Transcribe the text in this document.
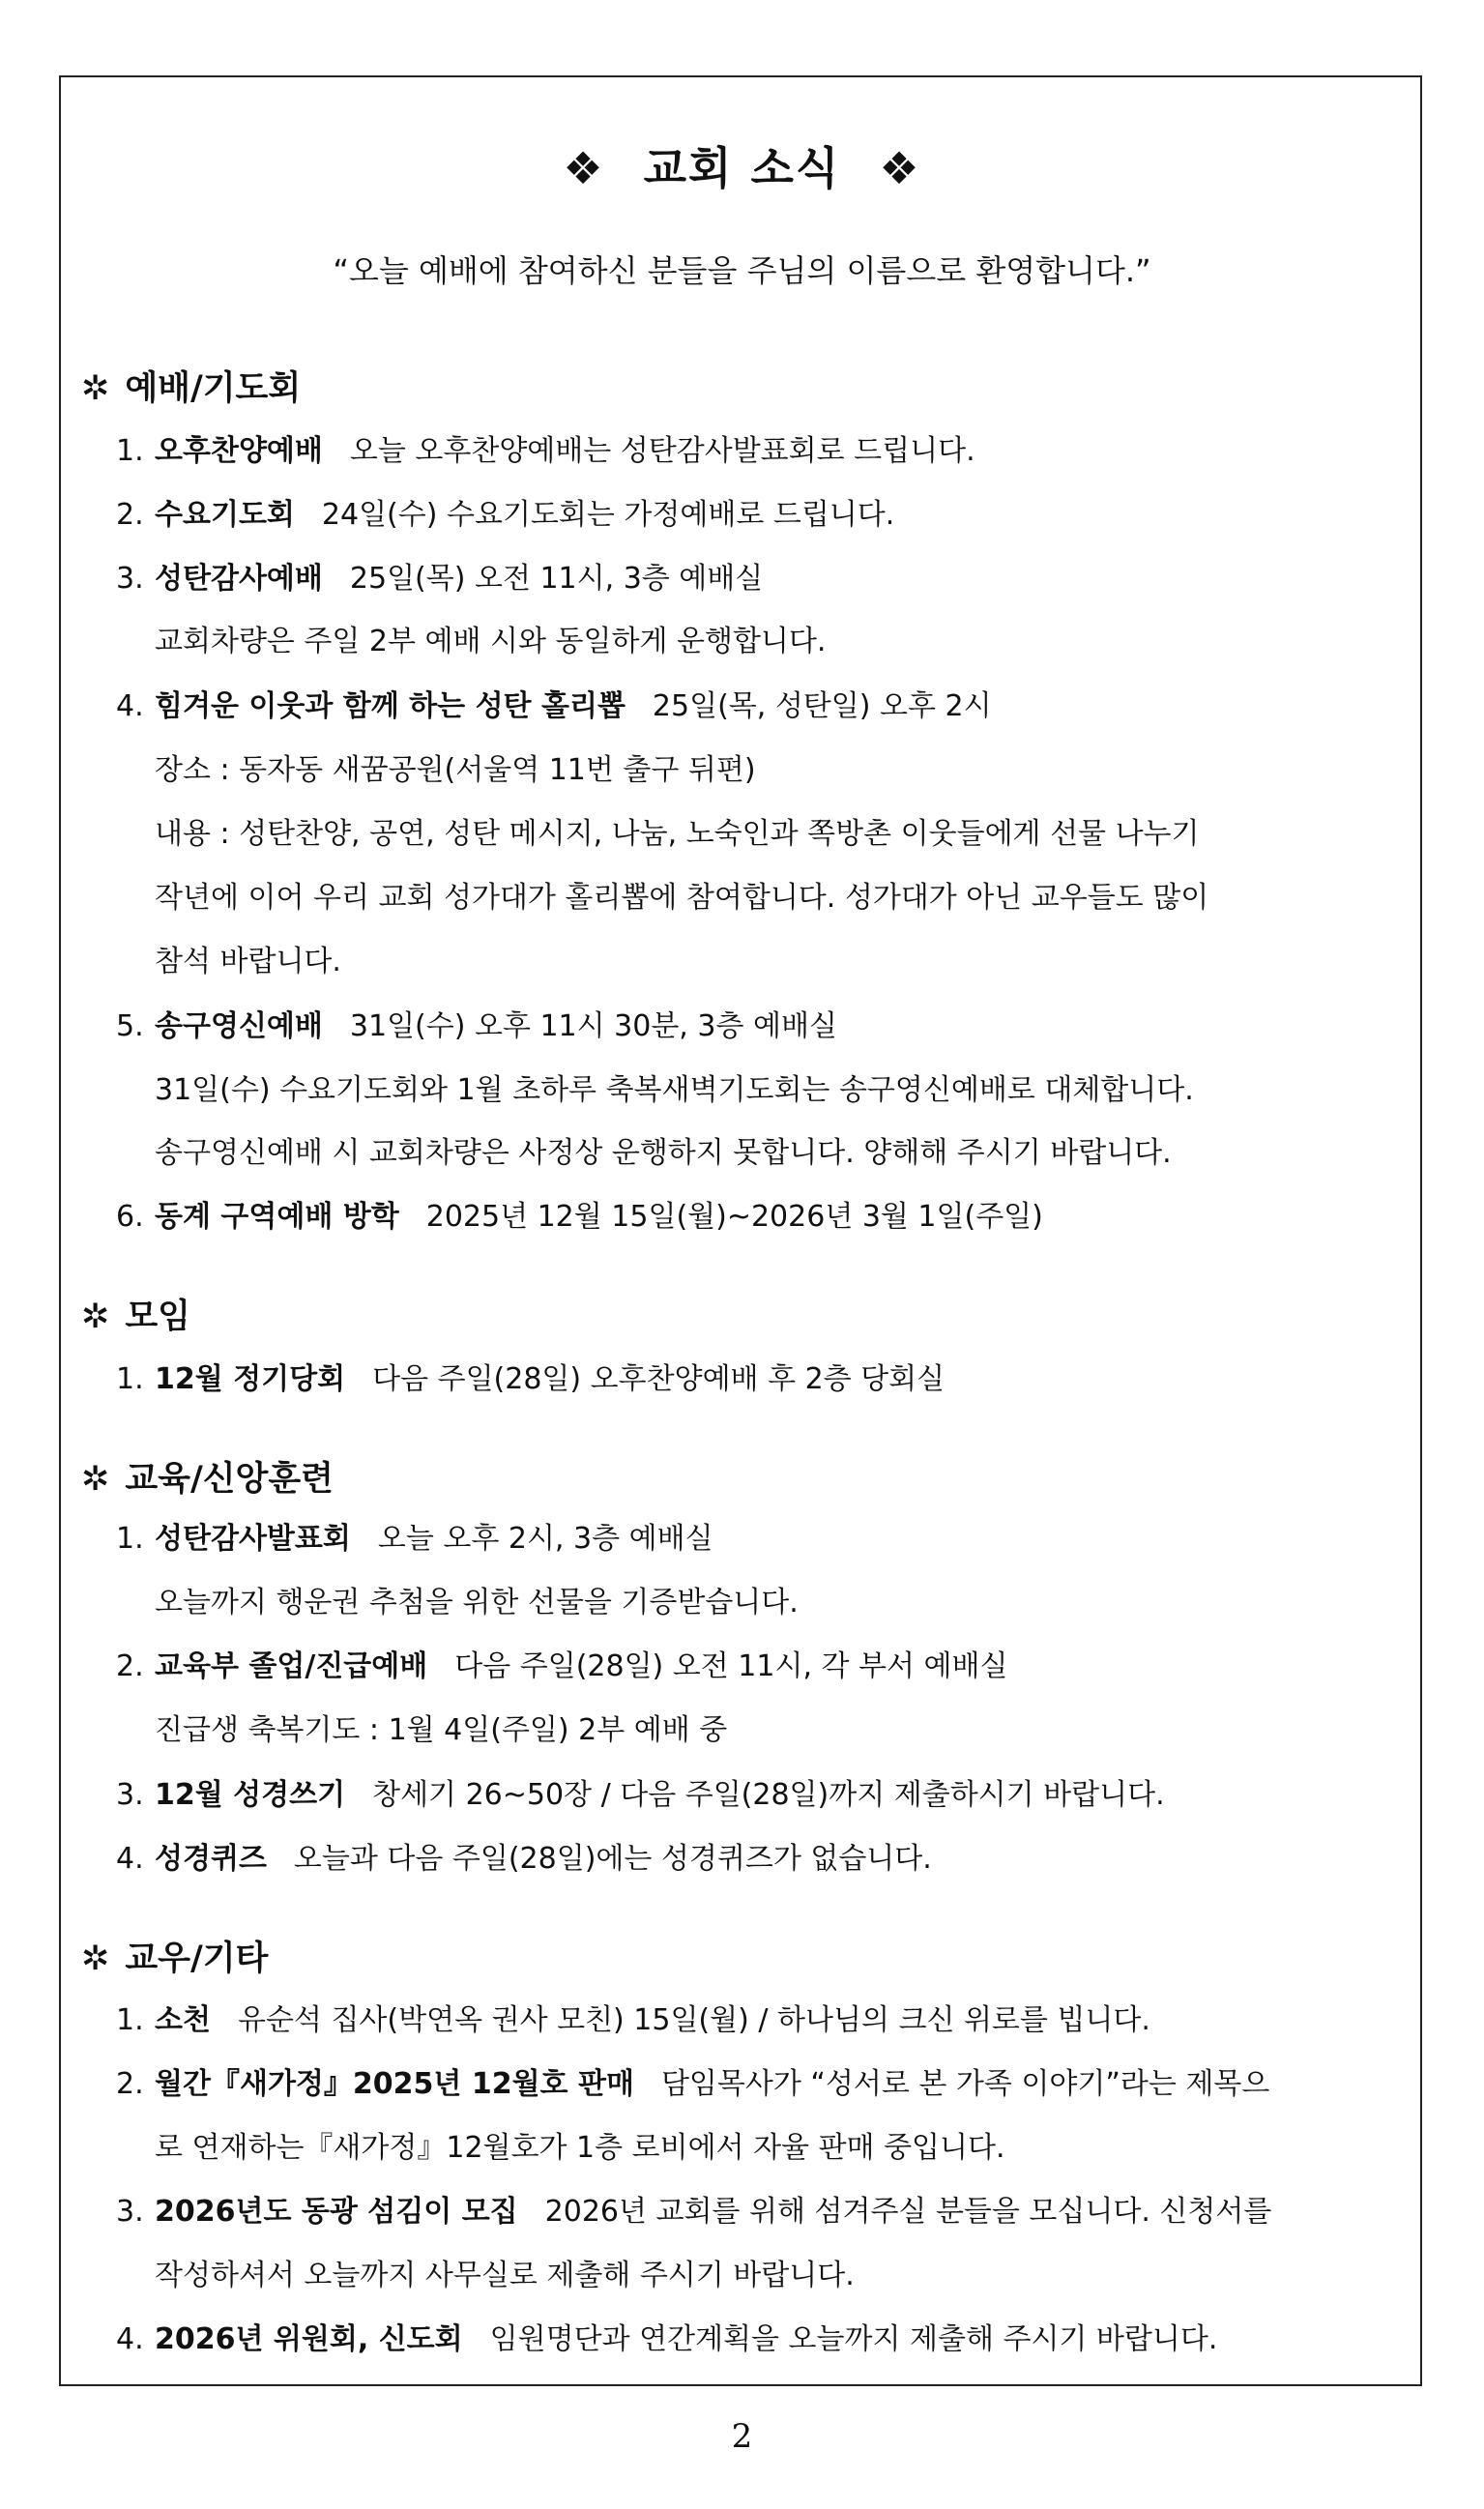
❖ 교회 소식 ❖
“오늘 예배에 참여하신 분들을 주님의 이름으로 환영합니다.”
✲ 예배/기도회
1. 오후찬양예배 오늘 오후찬양예배는 성탄감사발표회로 드립니다.
2. 수요기도회 24일(수) 수요기도회는 가정예배로 드립니다.
3. 성탄감사예배 25일(목) 오전 11시, 3층 예배실
교회차량은 주일 2부 예배 시와 동일하게 운행합니다.
4. 힘겨운 이웃과 함께 하는 성탄 홀리뽑 25일(목, 성탄일) 오후 2시
장소 : 동자동 새꿈공원(서울역 11번 출구 뒤편)
내용 : 성탄찬양, 공연, 성탄 메시지, 나눔, 노숙인과 쪽방촌 이웃들에게 선물 나누기
작년에 이어 우리 교회 성가대가 홀리뽑에 참여합니다. 성가대가 아닌 교우들도 많이
참석 바랍니다.
5. 송구영신예배 31일(수) 오후 11시 30분, 3층 예배실
31일(수) 수요기도회와 1월 초하루 축복새벽기도회는 송구영신예배로 대체합니다.
송구영신예배 시 교회차량은 사정상 운행하지 못합니다. 양해해 주시기 바랍니다.
6. 동계 구역예배 방학 2025년 12월 15일(월)~2026년 3월 1일(주일)
✲ 모임
1. 12월 정기당회 다음 주일(28일) 오후찬양예배 후 2층 당회실
✲ 교육/신앙훈련
1. 성탄감사발표회 오늘 오후 2시, 3층 예배실
오늘까지 행운권 추첨을 위한 선물을 기증받습니다.
2. 교육부 졸업/진급예배 다음 주일(28일) 오전 11시, 각 부서 예배실
진급생 축복기도 : 1월 4일(주일) 2부 예배 중
3. 12월 성경쓰기 창세기 26~50장 / 다음 주일(28일)까지 제출하시기 바랍니다.
4. 성경퀴즈 오늘과 다음 주일(28일)에는 성경퀴즈가 없습니다.
✲ 교우/기타
1. 소천 유순석 집사(박연옥 권사 모친) 15일(월) / 하나님의 크신 위로를 빕니다.
2. 월간『새가정』2025년 12월호 판매 담임목사가 “성서로 본 가족 이야기”라는 제목으
로 연재하는『새가정』12월호가 1층 로비에서 자율 판매 중입니다.
3. 2026년도 동광 섬김이 모집 2026년 교회를 위해 섬겨주실 분들을 모십니다. 신청서를
작성하셔서 오늘까지 사무실로 제출해 주시기 바랍니다.
4. 2026년 위원회, 신도회 임원명단과 연간계획을 오늘까지 제출해 주시기 바랍니다.
2
